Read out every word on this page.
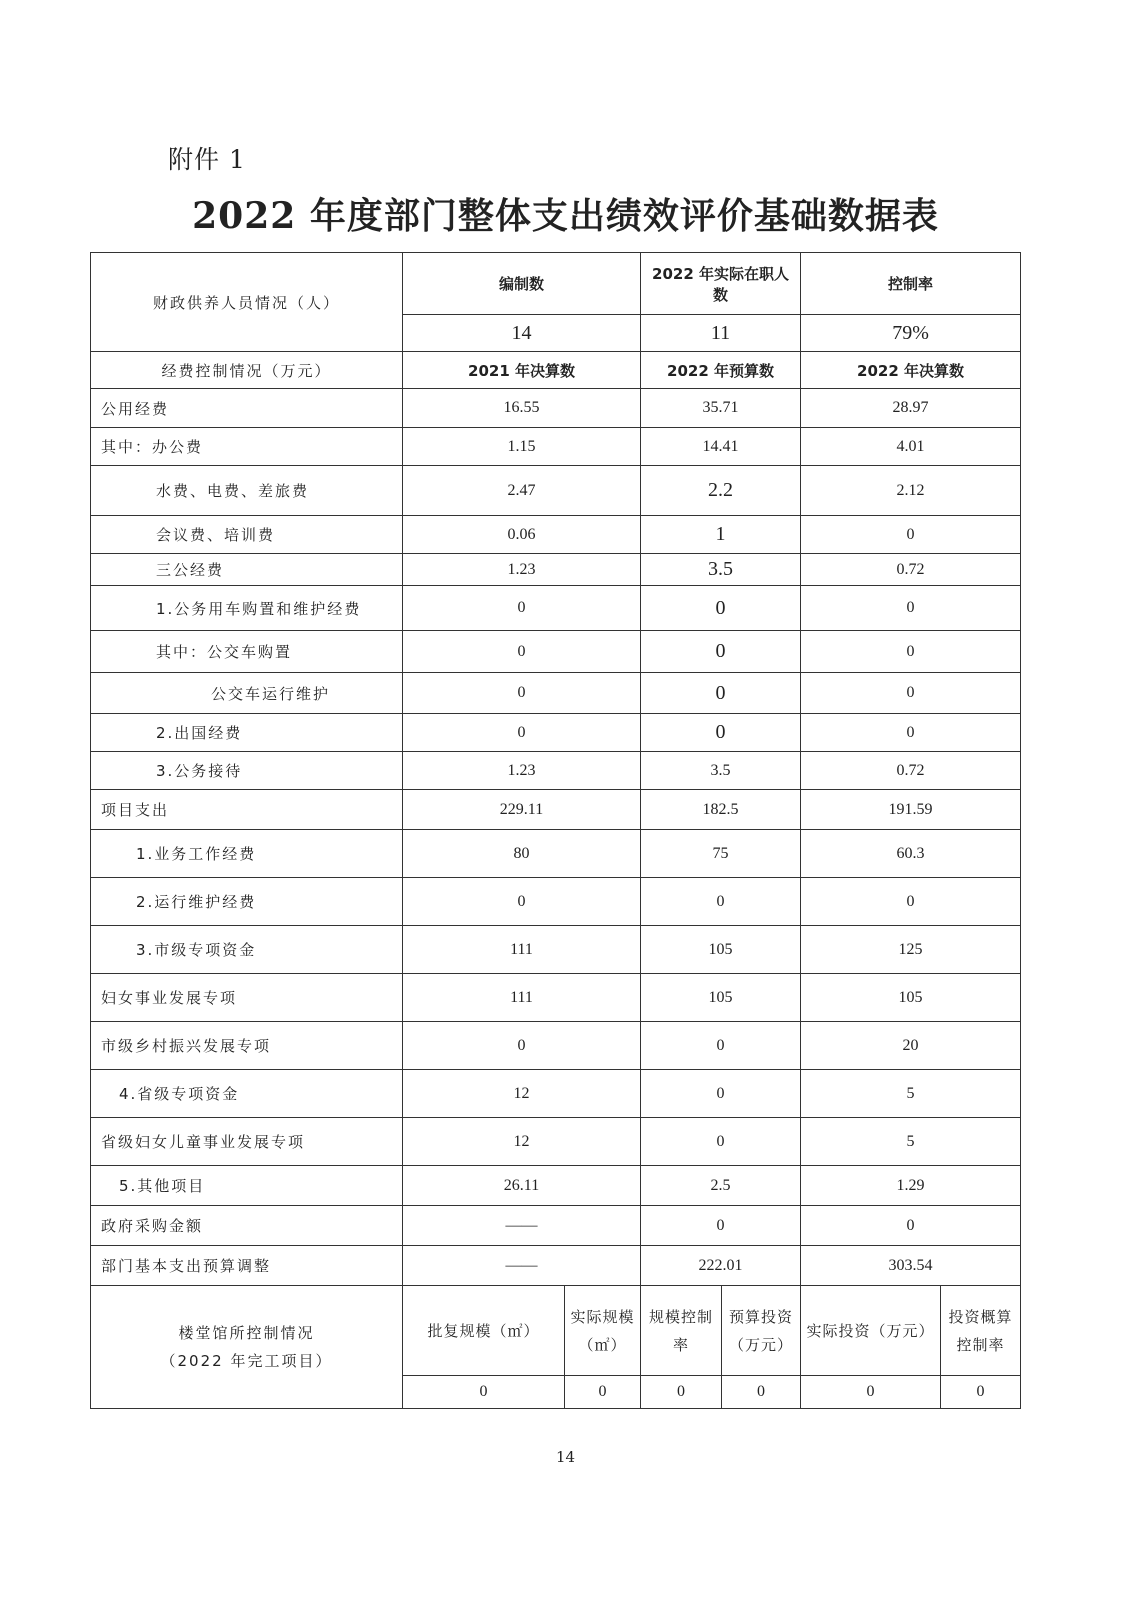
附件 1
2022 年度部门整体支出绩效评价基础数据表
财政供养人员情况（人）	编制数		2022 年实际在职人数		控制率	
	14		11		79%	
经费控制情况（万元）	2021 年决算数		2022 年预算数		2022 年决算数	
公用经费	16.55		35.71		28.97	
其中：办公费	1.15		14.41		4.01	
水费、电费、差旅费	2.47		2.2		2.12	
会议费、培训费	0.06		1		0	
三公经费	1.23		3.5		0.72	
1.公务用车购置和维护经费	0		0		0	
其中：公交车购置	0		0		0	
公交车运行维护	0		0		0	
2.出国经费	0		0		0	
3.公务接待	1.23		3.5		0.72	
项目支出	229.11		182.5		191.59	
1.业务工作经费	80		75		60.3	
2.运行维护经费	0		0		0	
3.市级专项资金	111		105		125	
妇女事业发展专项	111		105		105	
市级乡村振兴发展专项	0		0		20	
4.省级专项资金	12		0		5	
省级妇女儿童事业发展专项	12		0		5	
5.其他项目	26.11		2.5		1.29	
政府采购金额	——		0		0	
部门基本支出预算调整	——		222.01		303.54	
楼堂馆所控制情况
（2022 年完工项目）	批复规模（㎡）	实际规模（㎡）	规模控制率	预算投资（万元）	实际投资（万元）	投资概算控制率
	0	0	0	0	0	0
14
